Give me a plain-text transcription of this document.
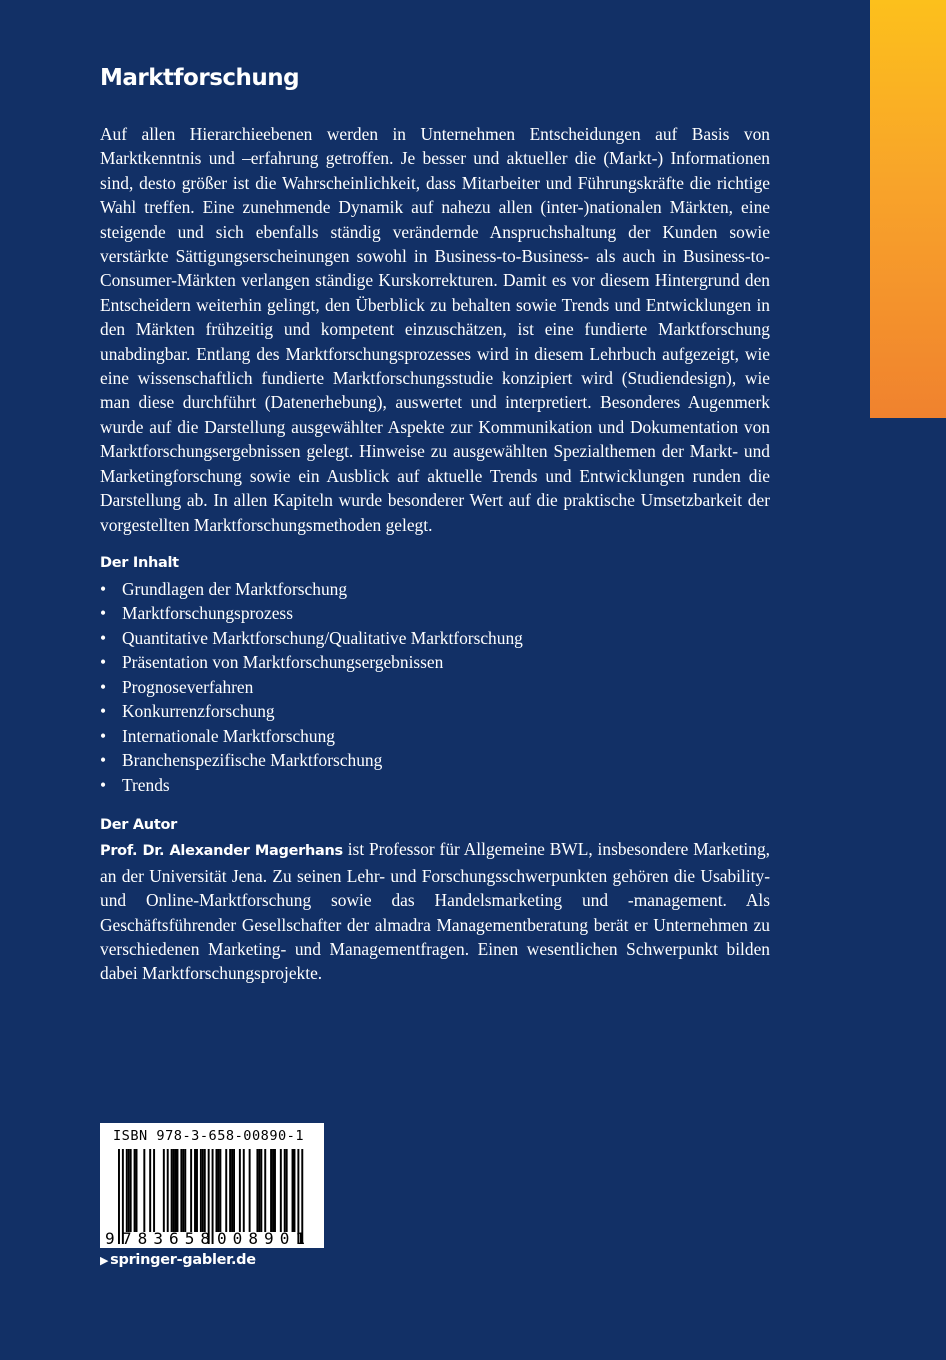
Marktforschung

Auf allen Hierarchieebenen werden in Unternehmen Entscheidungen auf Basis von Marktkenntnis und –erfahrung getroffen. Je besser und aktueller die (Markt-) Informationen sind, desto größer ist die Wahrscheinlichkeit, dass Mitarbeiter und Führungskräfte die richtige Wahl treffen. Eine zunehmende Dynamik auf nahezu allen (inter-)nationalen Märkten, eine steigende und sich ebenfalls ständig verändernde Anspruchshaltung der Kunden sowie verstärkte Sättigungserscheinungen sowohl in Business-to-Business- als auch in Business-to-Consumer-Märkten verlangen ständige Kurskorrekturen. Damit es vor diesem Hintergrund den Entscheidern weiterhin gelingt, den Überblick zu behalten sowie Trends und Entwicklungen in den Märkten frühzeitig und kompetent einzuschätzen, ist eine fundierte Marktforschung unabdingbar. Entlang des Marktforschungsprozesses wird in diesem Lehrbuch aufgezeigt, wie eine wissenschaftlich fundierte Marktforschungsstudie konzipiert wird (Studiendesign), wie man diese durchführt (Datenerhebung), auswertet und interpretiert. Besonderes Augenmerk wurde auf die Darstellung ausgewählter Aspekte zur Kommunikation und Dokumentation von Marktforschungsergebnissen gelegt. Hinweise zu ausgewählten Spezialthemen der Markt- und Marketingforschung sowie ein Ausblick auf aktuelle Trends und Entwicklungen runden die Darstellung ab. In allen Kapiteln wurde besonderer Wert auf die praktische Umsetzbarkeit der vorgestellten Marktforschungsmethoden gelegt.

Der Inhalt
• Grundlagen der Marktforschung
• Marktforschungsprozess
• Quantitative Marktforschung/Qualitative Marktforschung
• Präsentation von Marktforschungsergebnissen
• Prognoseverfahren
• Konkurrenzforschung
• Internationale Marktforschung
• Branchenspezifische Marktforschung
• Trends
Der Autor

Prof. Dr. Alexander Magerhans ist Professor für Allgemeine BWL, insbesondere Marketing, an der Universität Jena. Zu seinen Lehr- und Forschungsschwerpunkten gehören die Usability- und Online-Marktforschung sowie das Handelsmarketing und -management. Als Geschäftsführender Gesellschafter der almadra Managementberatung berät er Unternehmen zu verschiedenen Marketing- und Managementfragen. Einen wesentlichen Schwerpunkt bilden dabei Marktforschungsprojekte.

ISBN 978-3-658-00890-1
9 783658 008901
▶ springer-gabler.de
